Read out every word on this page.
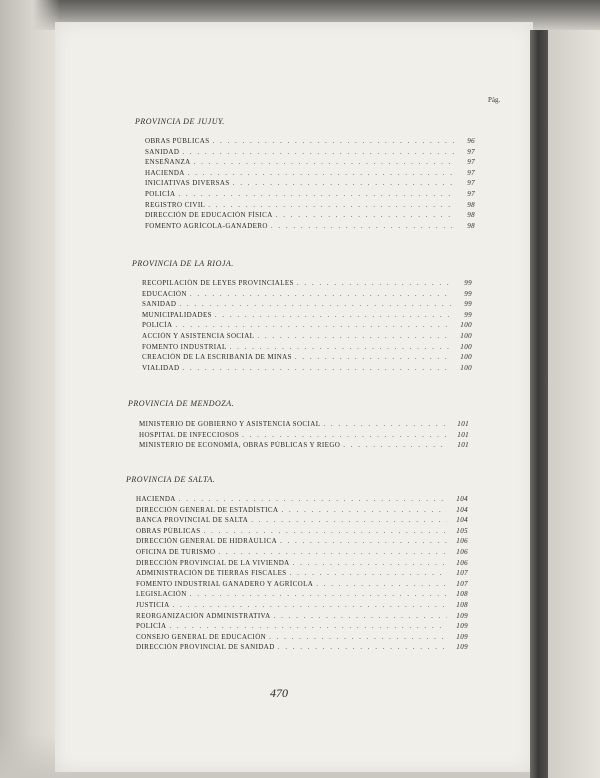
Pág.
PROVINCIA DE JUJUY.
OBRAS PÚBLICAS . . .	96
SANIDAD . . .	97
ENSEÑANZA . . .	97
HACIENDA . . .	97
INICIATIVAS DIVERSAS . . .	97
POLICÍA . . .	97
REGISTRO CIVIL . . .	98
DIRECCIÓN DE EDUCACIÓN FÍSICA . . .	98
FOMENTO AGRÍCOLA-GANADERO . . .	98
PROVINCIA DE LA RIOJA.
RECOPILACIÓN DE LEYES PROVINCIALES . . .	99
EDUCACIÓN . . .	99
SANIDAD . . .	99
MUNICIPALIDADES . . .	99
POLICÍA . . .	100
ACCIÓN Y ASISTENCIA SOCIAL . . .	100
FOMENTO INDUSTRIAL . . .	100
CREACIÓN DE LA ESCRIBANÍA DE MINAS . . .	100
VIALIDAD . . .	100
PROVINCIA DE MENDOZA.
MINISTERIO DE GOBIERNO Y ASISTENCIA SOCIAL . . .	101
HOSPITAL DE INFECCIOSOS . . .	101
MINISTERIO DE ECONOMÍA, OBRAS PÚBLICAS Y RIEGO . . .	101
PROVINCIA DE SALTA.
HACIENDA . . .	104
DIRECCIÓN GENERAL DE ESTADÍSTICA . . .	104
BANCA PROVINCIAL DE SALTA . . .	104
OBRAS PÚBLICAS . . .	105
DIRECCIÓN GENERAL DE HIDRÁULICA . . .	106
OFICINA DE TURISMO . . .	106
DIRECCIÓN PROVINCIAL DE LA VIVIENDA . . .	106
ADMINISTRACIÓN DE TIERRAS FISCALES . . .	107
FOMENTO INDUSTRIAL GANADERO Y AGRÍCOLA . . .	107
LEGISLACIÓN . . .	108
JUSTICIA . . .	108
REORGANIZACIÓN ADMINISTRATIVA . . .	109
POLICÍA . . .	109
CONSEJO GENERAL DE EDUCACIÓN . . .	109
DIRECCIÓN PROVINCIAL DE SANIDAD . . .	109
470
